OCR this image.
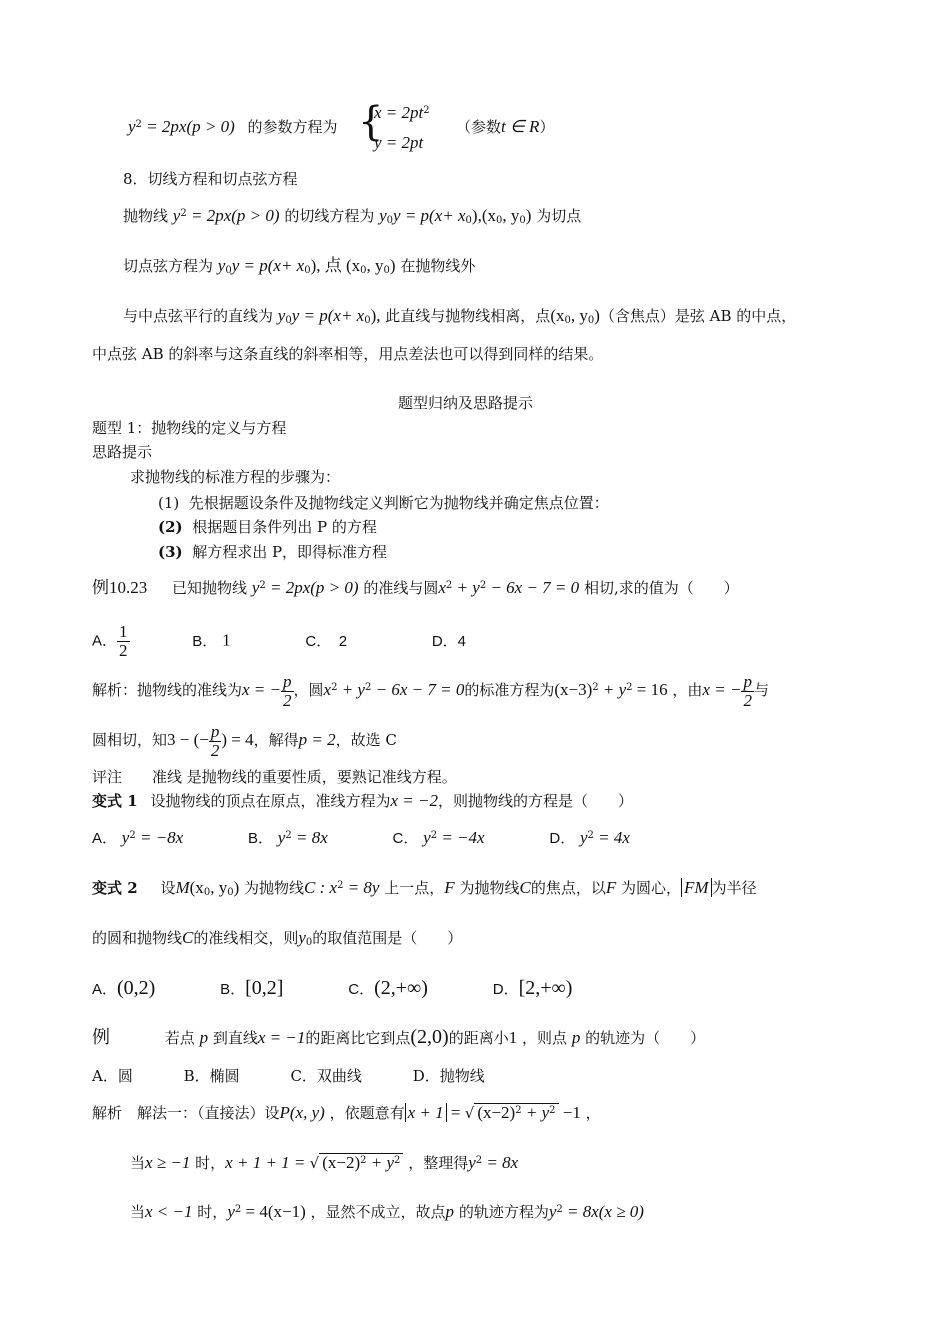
$y^2 = 2px(p > 0)$ 的参数方程为 {
$x = 2pt^2$
y = 2pt
（参数t ∈ R）
8．切线方程和切点弦方程
抛物线 $y^2 = 2px(p > 0)$ 的切线方程为 $y_0y = p(x+ x_0),(x_0$, $y_0$) 为切点
切点弦方程为 $y_0y = p(x+ x_0)$, 点 ($x_0$, $y_0$) 在抛物线外
与中点弦平行的直线为 $y_0y = p(x+ x_0)$, 此直线与抛物线相离，点($x_0$, $y_0$)（含焦点）是弦 AB 的中点，
中点弦 AB 的斜率与这条直线的斜率相等，用点差法也可以得到同样的结果。
题型归纳及思路提示
题型 1：抛物线的定义与方程
思路提示
求抛物线的标准方程的步骤为：
(1) 先根据题设条件及抛物线定义判断它为抛物线并确定焦点位置：
(2) 根据题目条件列出 P 的方程
(3) 解方程求出 P，即得标准方程
例10.23 已知抛物线 $y^2 = 2px(p > 0)$ 的准线与圆$x^2 + y^2 - 6x - 7 = 0$ 相切,求的值为（　　）
A． $\frac{1}{2}$	B． 1	C．　2	D．4
解析：抛物线的准线为x = − $\frac{p}{2}$ ，圆$x^2 + y^2 - 6x - 7 = 0$的标准方程为$(x-3)^2 + y^2 = 16$ ，由x = − $\frac{p}{2}$ 与
圆相切，知3 − (− $\frac{p}{2}$ ) = 4，解得p = 2，故选 C
评注　　准线 是抛物线的重要性质，要熟记准线方程。
变式 1 设抛物线的顶点在原点，准线方程为x = −2，则抛物线的方程是（　　）
A． $y^2 = -8x$	B． $y^2 = 8x$	C． $y^2 = -4x$	D． $y^2 = 4x$
变式 2 设$M(x_0$, $y_0$) 为抛物线C : $x^2 = 8y$ 上一点，F 为抛物线C的焦点，以F 为圆心， FM 为半径
的圆和抛物线C的准线相交，则$y_0$的取值范围是（　　）
A．(0,2)	B．[0,2]	C．(2,+∞)	D．[2,+∞)
例	若点 p 到直线x = −1的距离比它到点(2,0)的距离小1 ，则点 p 的轨迹为（　　）
A．圆	B．椭圆	C．双曲线	D．抛物线
解析　解法一：（直接法）设P(x, y) ，依题意有 x + 1 = √ $(x-2)^2 + y^2 -1$ ，
当x ≥ −1 时，x + 1 + 1 = √ $(x-2)^2 + y^2$ ，整理得$y^2 = 8x$
当x < −1 时，$y^2 = 4(x-1)$ ，显然不成立，故点p 的轨迹方程为$y^2 = 8x(x \ge 0)$
